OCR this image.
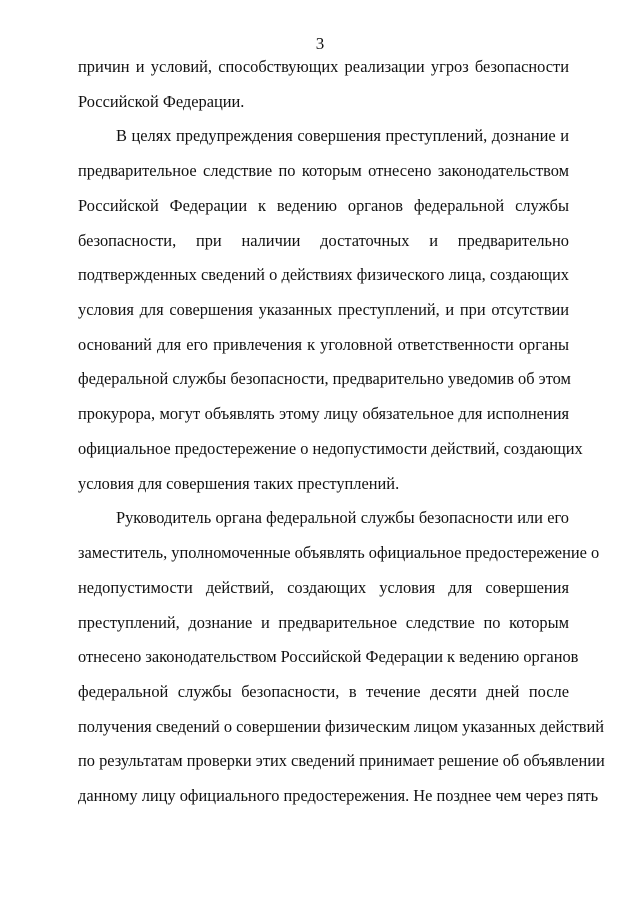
3
причин и условий, способствующих реализации угроз безопасности
Российской Федерации.
В целях предупреждения совершения преступлений, дознание и
предварительное следствие по которым отнесено законодательством
Российской Федерации к ведению органов федеральной службы
безопасности, при наличии достаточных и предварительно
подтвержденных сведений о действиях физического лица, создающих
условия для совершения указанных преступлений, и при отсутствии
оснований для его привлечения к уголовной ответственности органы
федеральной службы безопасности, предварительно уведомив об этом
прокурора, могут объявлять этому лицу обязательное для исполнения
официальное предостережение о недопустимости действий, создающих
условия для совершения таких преступлений.
Руководитель органа федеральной службы безопасности или его
заместитель, уполномоченные объявлять официальное предостережение о
недопустимости действий, создающих условия для совершения
преступлений, дознание и предварительное следствие по которым
отнесено законодательством Российской Федерации к ведению органов
федеральной службы безопасности, в течение десяти дней после
получения сведений о совершении физическим лицом указанных действий
по результатам проверки этих сведений принимает решение об объявлении
данному лицу официального предостережения. Не позднее чем через пять
